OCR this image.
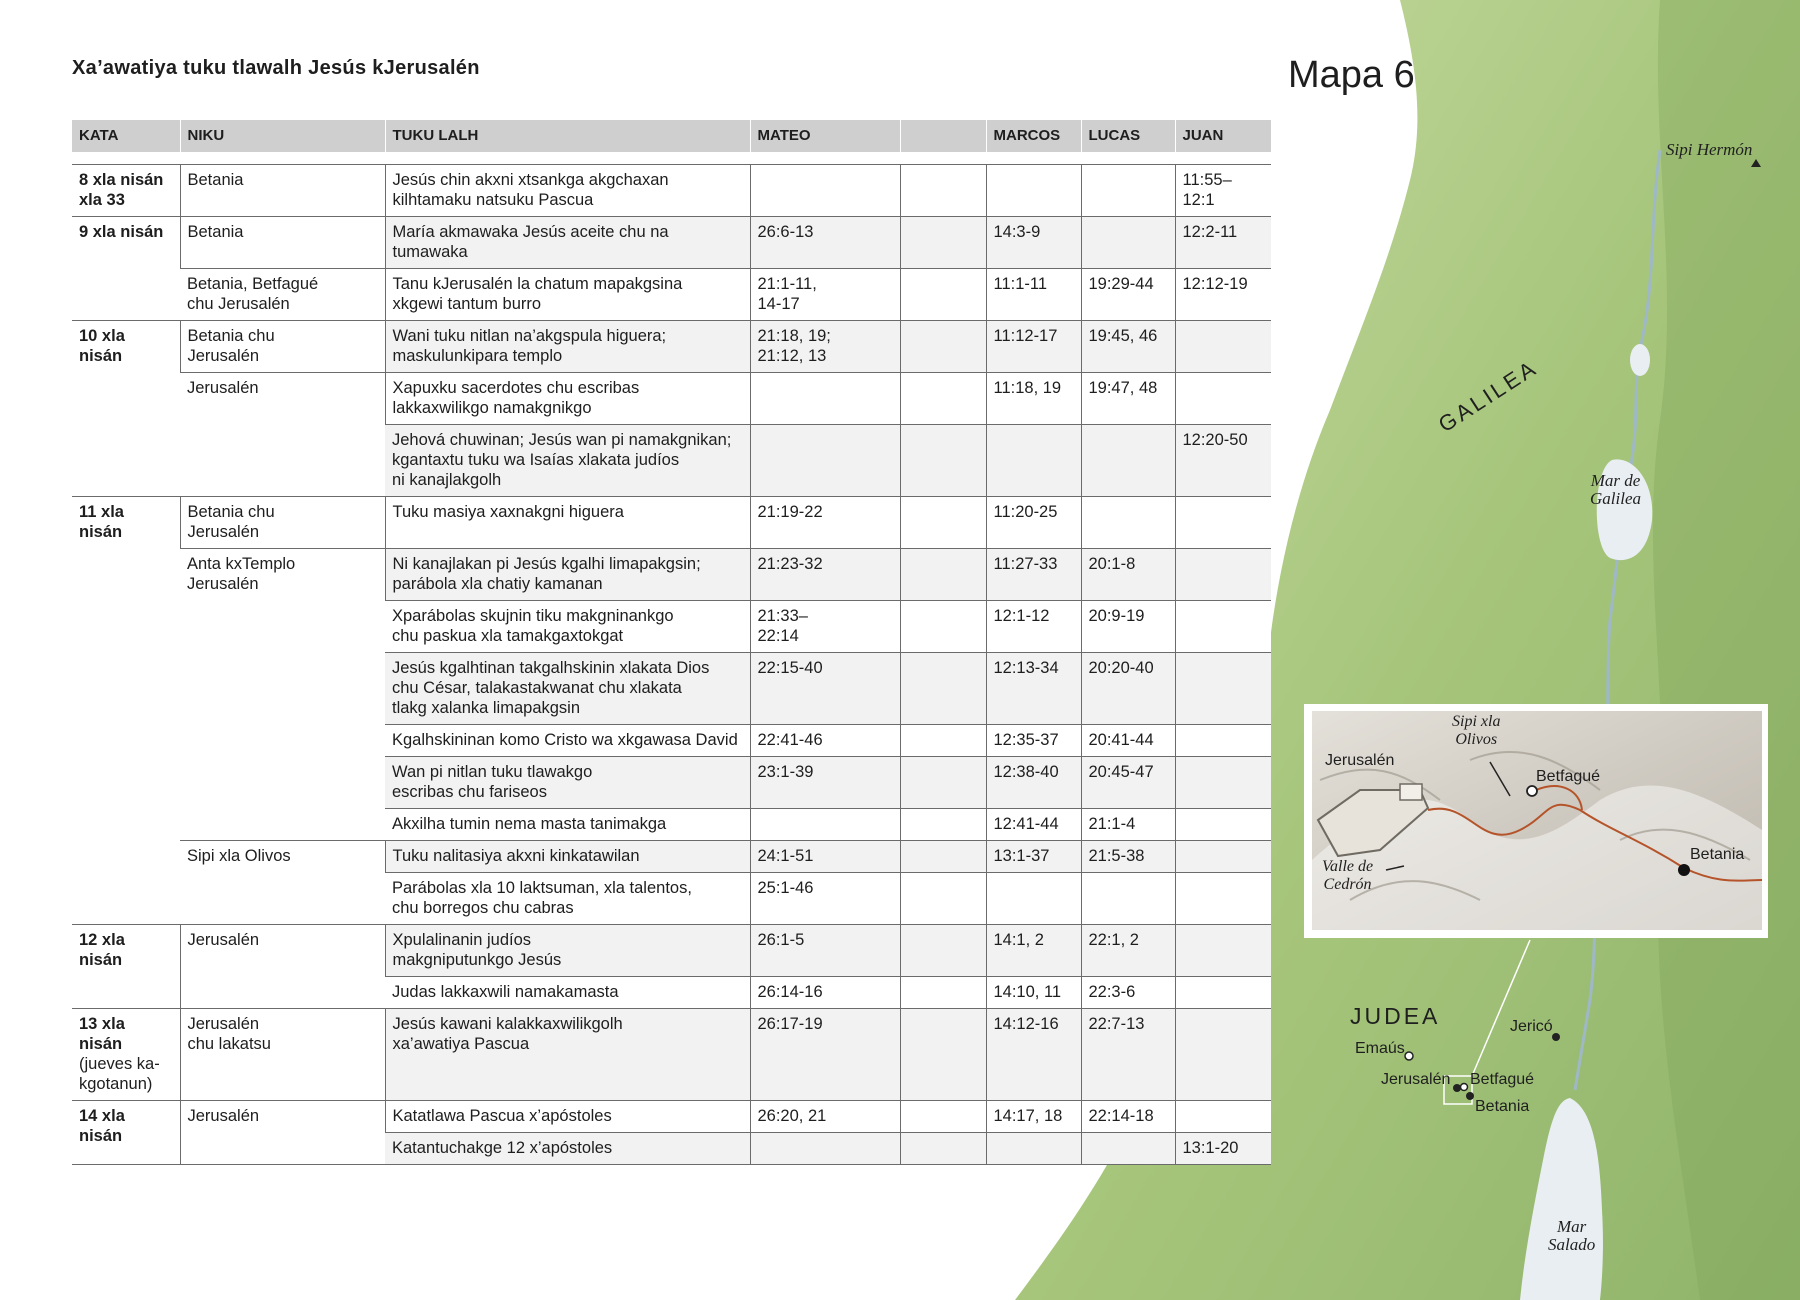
Xa’awatiya tuku tlawalh Jesús kJerusalén	Mapa 6
KATA	NIKU	TUKU LALH	MATEO		MARCOS	LUCAS	JUAN

8 xla nisán
xla 33	Betania	Jesús chin akxni xtsankga akgchaxan
kilhtamaku natsuku Pascua					11:55–
12:1
9 xla nisán	Betania	María akmawaka Jesús aceite chu na tumawaka	26:6-13		14:3-9		12:2-11
	Betania, Betfagué
chu Jerusalén	Tanu kJerusalén la chatum mapakgsina
xkgewi tantum burro	21:1-11,
14-17		11:1-11	19:29-44	12:12-19
10 xla
nisán	Betania chu
Jerusalén	Wani tuku nitlan na’akgspula higuera;
maskulunkipara templo	21:18, 19;
21:12, 13		11:12-17	19:45, 46	
	Jerusalén	Xapuxku sacerdotes chu escribas
lakkaxwilikgo namakgnikgo			11:18, 19	19:47, 48	
		Jehová chuwinan; Jesús wan pi namakgnikan;
kgantaxtu tuku wa Isaías xlakata judíos
ni kanajlakgolh					12:20-50
11 xla
nisán	Betania chu
Jerusalén	Tuku masiya xaxnakgni higuera	21:19-22		11:20-25		
	Anta kxTemplo
Jerusalén	Ni kanajlakan pi Jesús kgalhi limapakgsin;
parábola xla chatiy kamanan	21:23-32		11:27-33	20:1-8	
		Xparábolas skujnin tiku makgninankgo
chu paskua xla tamakgaxtokgat	21:33–
22:14		12:1-12	20:9-19	
		Jesús kgalhtinan takgalhskinin xlakata Dios
chu César, talakastakwanat chu xlakata
tlakg xalanka limapakgsin	22:15-40		12:13-34	20:20-40	
		Kgalhskininan komo Cristo wa xkgawasa David	22:41-46		12:35-37	20:41-44	
		Wan pi nitlan tuku tlawakgo
escribas chu fariseos	23:1-39		12:38-40	20:45-47	
		Akxilha tumin nema masta tanimakga			12:41-44	21:1-4	
	Sipi xla Olivos	Tuku nalitasiya akxni kinkatawilan	24:1-51		13:1-37	21:5-38	
		Parábolas xla 10 laktsuman, xla talentos,
chu borregos chu cabras	25:1-46				
12 xla
nisán	Jerusalén	Xpulalinanin judíos
makgniputunkgo Jesús	26:1-5		14:1, 2	22:1, 2	
		Judas lakkaxwili namakamasta	26:14-16		14:10, 11	22:3-6	
13 xla nisán
(jueves ka-
kgotanun)	Jerusalén
chu lakatsu	Jesús kawani kalakkaxwilikgolh
xa’awatiya Pascua	26:17-19		14:12-16	22:7-13	
14 xla
nisán	Jerusalén	Katatlawa Pascua x’apóstoles	26:20, 21		14:17, 18	22:14-18	
		Katantuchakge 12 x’apóstoles					13:1-20
Sipi Hermón
GALILEA
Mar de
Galilea
JUDEA	Jericó
Emaús
Jerusalén Betfagué
Betania
Mar
Salado
Sipi xla
Olivos
Jerusalén
Betfagué
Betania
Valle de
Cedrón
